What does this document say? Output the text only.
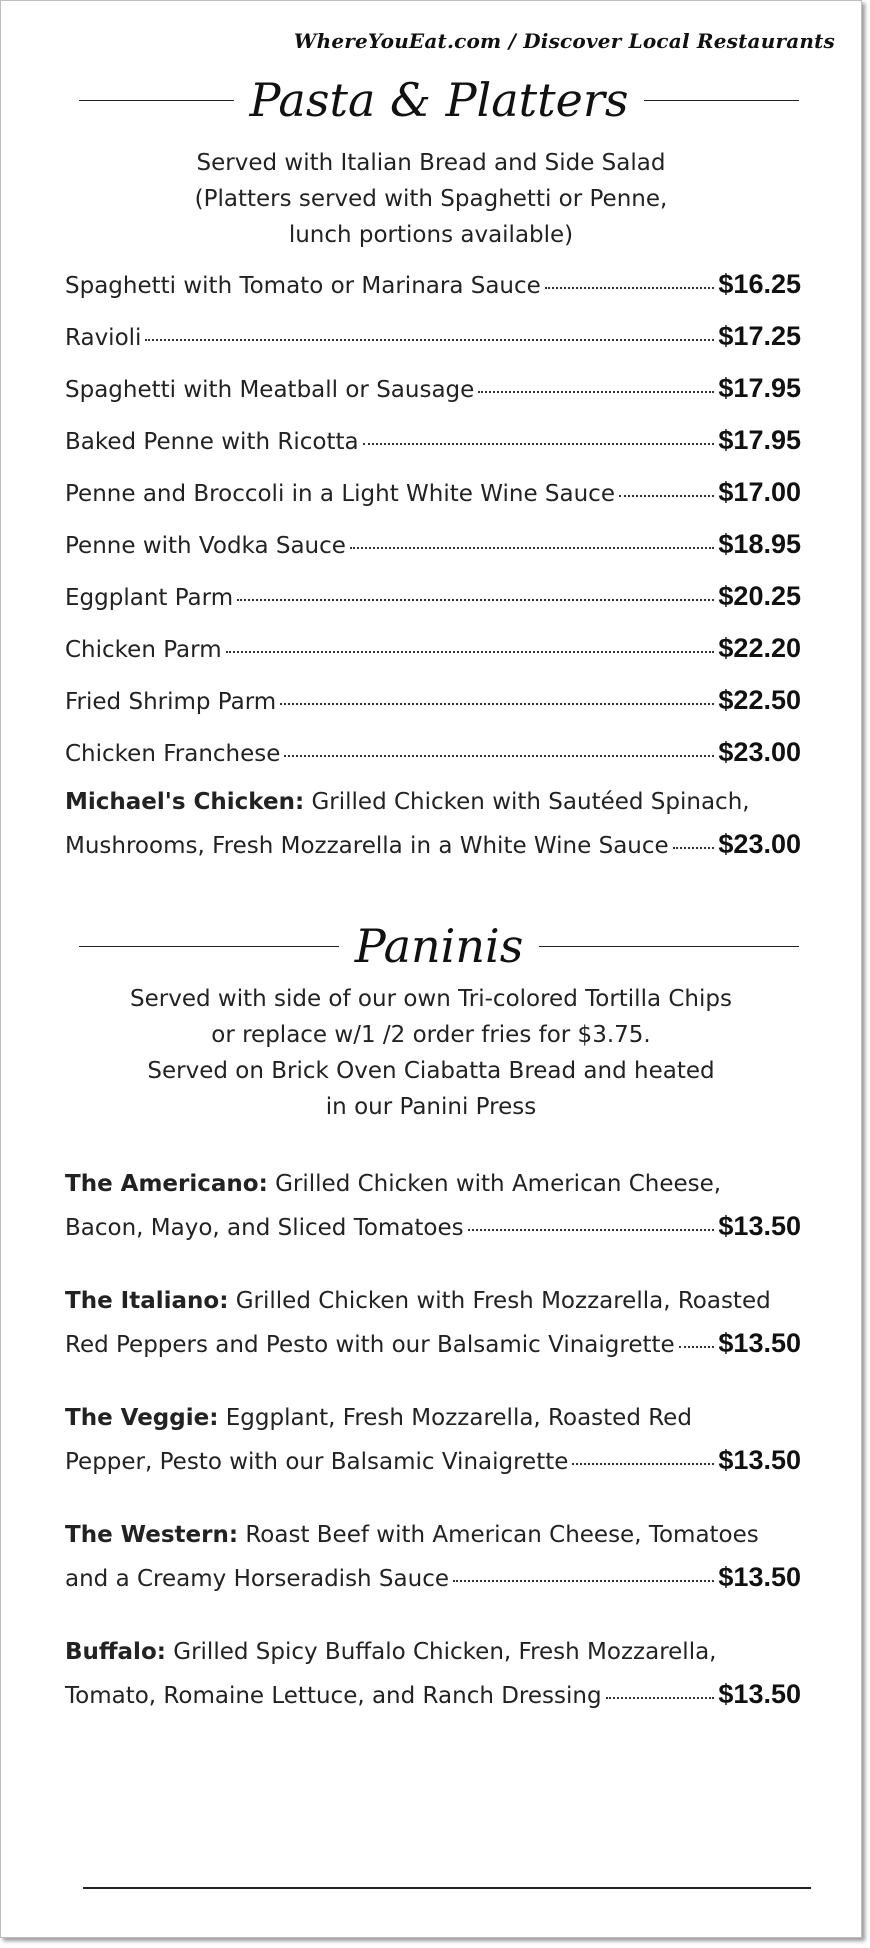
WhereYouEat.com / Discover Local Restaurants
Pasta & Platters
Served with Italian Bread and Side Salad
(Platters served with Spaghetti or Penne,
lunch portions available)
Spaghetti with Tomato or Marinara Sauce	$16.25
Ravioli	$17.25
Spaghetti with Meatball or Sausage	$17.95
Baked Penne with Ricotta	$17.95
Penne and Broccoli in a Light White Wine Sauce	$17.00
Penne with Vodka Sauce	$18.95
Eggplant Parm	$20.25
Chicken Parm	$22.20
Fried Shrimp Parm	$22.50
Chicken Franchese	$23.00
Michael's Chicken: Grilled Chicken with Sautéed Spinach,
Mushrooms, Fresh Mozzarella in a White Wine Sauce $23.00
Paninis
Served with side of our own Tri-colored Tortilla Chips
or replace w/1 /2 order fries for $3.75.
Served on Brick Oven Ciabatta Bread and heated
in our Panini Press
The Americano: Grilled Chicken with American Cheese,
Bacon, Mayo, and Sliced Tomatoes	$13.50
The Italiano: Grilled Chicken with Fresh Mozzarella, Roasted
Red Peppers and Pesto with our Balsamic Vinaigrette $13.50
The Veggie: Eggplant, Fresh Mozzarella, Roasted Red
Pepper, Pesto with our Balsamic Vinaigrette	$13.50
The Western: Roast Beef with American Cheese, Tomatoes
and a Creamy Horseradish Sauce	$13.50
Buffalo: Grilled Spicy Buffalo Chicken, Fresh Mozzarella,
Tomato, Romaine Lettuce, and Ranch Dressing	$13.50
